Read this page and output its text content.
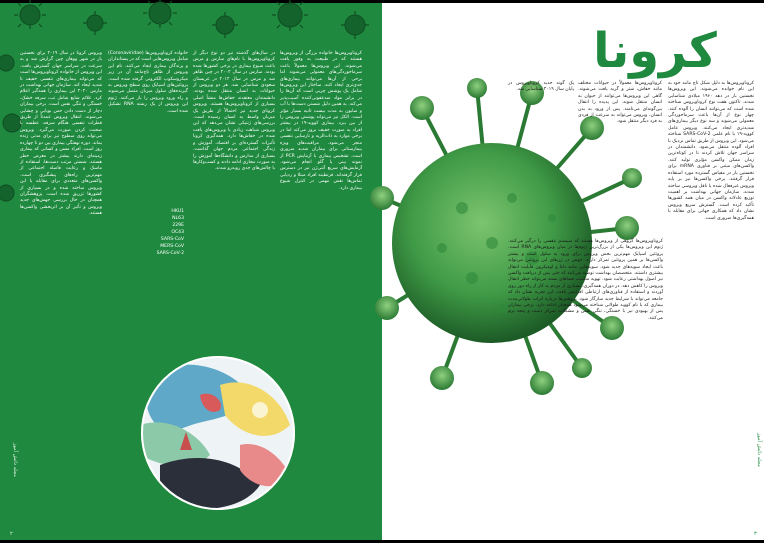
کروناویروس‌ها خانواده بزرگی از ویروس‌ها هستند که در طبیعت به وفور یافت می‌شوند. این ویروس‌ها معمولاً باعث سرماخوردگی‌های معمولی می‌شوند اما برخی از آن‌ها می‌توانند بیماری‌های جدی‌تری ایجاد کنند. ساختار این ویروس‌ها شامل یک پوشش چربی است که آن‌ها را در برابر مواد ضدعفونی‌کننده آسیب‌پذیر می‌کند. به همین دلیل شستن دست‌ها با آب و صابون به مدت بیست ثانیه بسیار مؤثر است. الکل نیز می‌تواند پوشش ویروس را از بین ببرد. بیماری کووید-۱۹ در بیشتر افراد به صورت خفیف بروز می‌کند اما در برخی موارد به ذات‌الریه و نارسایی تنفسی منجر می‌شود. مراقبت‌های ویژه بیمارستانی برای بیماران شدید ضروری است. تشخیص بیماری با آزمایش PCR از نمونه بینی یا گلو انجام می‌شود. آزمایش‌های سریع آنتی‌ژن نیز در دسترس قرار گرفته‌اند. قرنطینه افراد مبتلا و ردیابی تماس‌ها نقش مهمی در کنترل شیوع بیماری دارد.
در سال‌های گذشته نیز دو نوع دیگر از کروناویروس‌ها با نام‌های سارس و مرس باعث شیوع بیماری در برخی کشورها شده بودند. سارس در سال ۲۰۰۲ در چین ظاهر شد و مرس در سال ۲۰۱۲ در عربستان سعودی شناسایی شد. هر دو ویروس از حیوانات به انسان منتقل شده بودند. دانشمندان معتقدند خفاش‌ها منشأ اصلی بسیاری از کروناویروس‌ها هستند. ویروس کرونای جدید نیز احتمالاً از طریق یک میزبان واسط به انسان رسیده است. بررسی‌های ژنتیکی نشان می‌دهد که این ویروس شباهت زیادی با ویروس‌های یافت شده در خفاش‌ها دارد. همه‌گیری کرونا تأثیرات گسترده‌ای بر اقتصاد، آموزش و زندگی اجتماعی مردم جهان گذاشت. بسیاری از مدارس و دانشگاه‌ها آموزش را به صورت مجازی ادامه دادند و کسب‌وکارها با چالش‌های جدی روبه‌رو شدند.
خانواده کروناویروس‌ها (Coronaviridae) شامل ویروس‌هایی است که در پستانداران و پرندگان بیماری ایجاد می‌کنند. نام این ویروس از ظاهر تاج‌مانند آن در زیر میکروسکوپ الکترونی گرفته شده است. پروتئین‌های اسپایک روی سطح ویروس به گیرنده‌های سلول میزبان متصل می‌شوند و راه ورود ویروس را باز می‌کنند. ژنوم این ویروس از یک رشته RNA تشکیل شده است.
ویروس کرونا در سال ۲۰۱۹ برای نخستین بار در شهر ووهان چین گزارش شد و به سرعت در سراسر جهان گسترش یافت. این ویروس از خانواده کروناویروس‌ها است که می‌تواند بیماری‌های تنفسی خفیف تا شدید ایجاد کند. سازمان جهانی بهداشت در مارس ۲۰۲۰ این بیماری را همه‌گیر اعلام کرد. علائم شایع شامل تب، سرفه خشک، خستگی و تنگی نفس است. برخی بیماران دچار از دست دادن حس بویایی و چشایی می‌شوند. انتقال ویروس عمدتاً از طریق قطرات تنفسی هنگام سرفه، عطسه یا صحبت کردن صورت می‌گیرد. ویروس می‌تواند روی سطوح نیز برای مدتی زنده بماند. دوره نهفتگی بیماری بین دو تا چهارده روز است. افراد مسن و کسانی که بیماری زمینه‌ای دارند بیشتر در معرض خطر هستند. شستن مرتب دست‌ها، استفاده از ماسک و رعایت فاصله اجتماعی از مهم‌ترین راه‌های پیشگیری است. واکسن‌های متعددی برای مقابله با این ویروس ساخته شده و در بسیاری از کشورها تزریق شده است. پژوهشگران همچنان در حال بررسی جهش‌های جدید ویروس و تأثیر آن بر اثربخشی واکسن‌ها هستند.	HKU1
NL63
229E
OC43
SARS-CoV
MERS-CoV
SARS-CoV-2
مجله دانش آموز
۲
کرونا
کروناویروس‌ها به دلیل شکل تاج مانند خود به این نام خوانده می‌شوند. این ویروس‌ها نخستین بار در دهه ۱۹۶۰ میلادی شناسایی شدند. تاکنون هفت نوع کروناویروس شناخته شده است که می‌توانند انسان را آلوده کنند. چهار نوع از آن‌ها باعث سرماخوردگی معمولی می‌شوند و سه نوع دیگر بیماری‌های شدیدتری ایجاد می‌کنند. ویروس عامل کووید-۱۹ با نام علمی SARS-CoV-2 شناخته می‌شود. این ویروس از طریق تماس نزدیک با افراد آلوده منتقل می‌شود. دانشمندان در سراسر جهان تلاش کردند تا در کوتاه‌ترین زمان ممکن واکسن مؤثری تولید کنند. واکسن‌های مبتنی بر فناوری mRNA برای نخستین بار در مقیاس گسترده مورد استفاده قرار گرفتند. برخی واکسن‌ها نیز بر پایه ویروس غیرفعال شده یا ناقل ویروسی ساخته شدند. سازمان جهانی بهداشت بر اهمیت توزیع عادلانه واکسن در میان همه کشورها تأکید کرده است. گسترش سریع ویروس نشان داد که همکاری جهانی برای مقابله با همه‌گیری‌ها ضروری است.
کروناویروس‌ها معمولاً در حیوانات مختلف مانند خفاش، شتر و گربه یافت می‌شوند. گاهی این ویروس‌ها می‌توانند از حیوان به انسان منتقل شوند. این پدیده را انتقال بین‌گونه‌ای می‌نامند. پس از ورود به بدن انسان، ویروس می‌تواند به سرعت از فردی به فرد دیگر منتقل شود.
یک گونه جدید کروناویروس در پایان سال ۲۰۱۹ شناسایی شد.
کروناویروس‌ها گروهی از ویروس‌ها هستند که سیستم تنفسی را درگیر می‌کنند. ژنوم این ویروس‌ها یکی از بزرگ‌ترین ژنوم‌ها در میان ویروس‌های RNA است. پروتئین اسپایک مهم‌ترین بخش ویروس برای ورود به سلول است و بیشتر واکسن‌ها بر همین پروتئین تمرکز دارند. جهش در ژن‌های این پروتئین می‌تواند باعث ایجاد سویه‌های جدید شود. سویه‌هایی مانند دلتا و اومیکرون قابلیت انتقال بیشتری داشتند. متخصصان بهداشت توصیه می‌کنند که حتی پس از دریافت واکسن نیز اصول بهداشتی رعایت شود. تهویه مناسب فضاهای بسته می‌تواند خطر انتقال ویروس را کاهش دهد. در دوران همه‌گیری، بسیاری از مردم به کار از راه دور روی آوردند و استفاده از فناوری‌های ارتباطی افزایش یافت. این تجربه نشان داد که جامعه می‌تواند با شرایط جدید سازگار شود. پژوهش‌ها درباره اثرات طولانی‌مدت بیماری که با نام کووید طولانی شناخته می‌شود همچنان ادامه دارد. برخی بیماران پس از بهبودی نیز با خستگی، تنگی نفس و مشکلات تمرکز دست و پنجه نرم می‌کنند.
مجله دانش آموز
۳
